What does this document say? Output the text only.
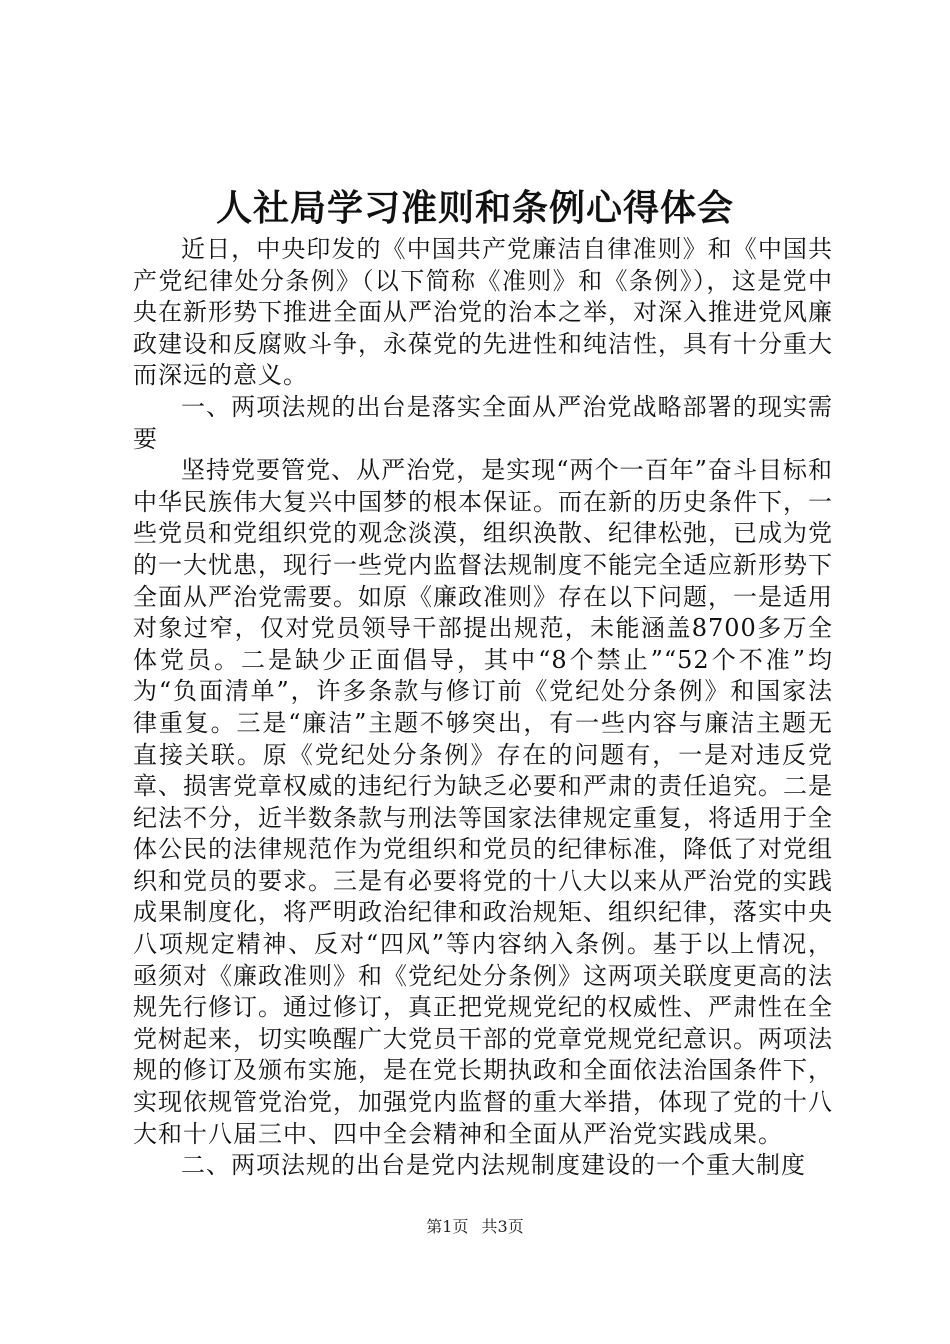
人社局学习准则和条例心得体会

近日，中央印发的《中国共产党廉洁自律准则》和《中国共产党纪律处分条例》（以下简称《准则》和《条例》），这是党中央在新形势下推进全面从严治党的治本之举，对深入推进党风廉政建设和反腐败斗争，永葆党的先进性和纯洁性，具有十分重大而深远的意义。

一、两项法规的出台是落实全面从严治党战略部署的现实需要

坚持党要管党、从严治党，是实现“两个一百年”奋斗目标和中华民族伟大复兴中国梦的根本保证。而在新的历史条件下，一些党员和党组织党的观念淡漠，组织涣散、纪律松弛，已成为党的一大忧患，现行一些党内监督法规制度不能完全适应新形势下全面从严治党需要。如原《廉政准则》存在以下问题，一是适用对象过窄，仅对党员领导干部提出规范，未能涵盖8700多万全体党员。二是缺少正面倡导，其中“8个禁止”“52个不准”均为“负面清单”，许多条款与修订前《党纪处分条例》和国家法律重复。三是“廉洁”主题不够突出，有一些内容与廉洁主题无直接关联。原《党纪处分条例》存在的问题有，一是对违反党章、损害党章权威的违纪行为缺乏必要和严肃的责任追究。二是纪法不分，近半数条款与刑法等国家法律规定重复，将适用于全体公民的法律规范作为党组织和党员的纪律标准，降低了对党组织和党员的要求。三是有必要将党的十八大以来从严治党的实践成果制度化，将严明政治纪律和政治规矩、组织纪律，落实中央八项规定精神、反对“四风”等内容纳入条例。基于以上情况，亟须对《廉政准则》和《党纪处分条例》这两项关联度更高的法规先行修订。通过修订，真正把党规党纪的权威性、严肃性在全党树起来，切实唤醒广大党员干部的党章党规党纪意识。两项法规的修订及颁布实施，是在党长期执政和全面依法治国条件下，实现依规管党治党，加强党内监督的重大举措，体现了党的十八大和十八届三中、四中全会精神和全面从严治党实践成果。

二、两项法规的出台是党内法规制度建设的一个重大制度

第1页 共3页
